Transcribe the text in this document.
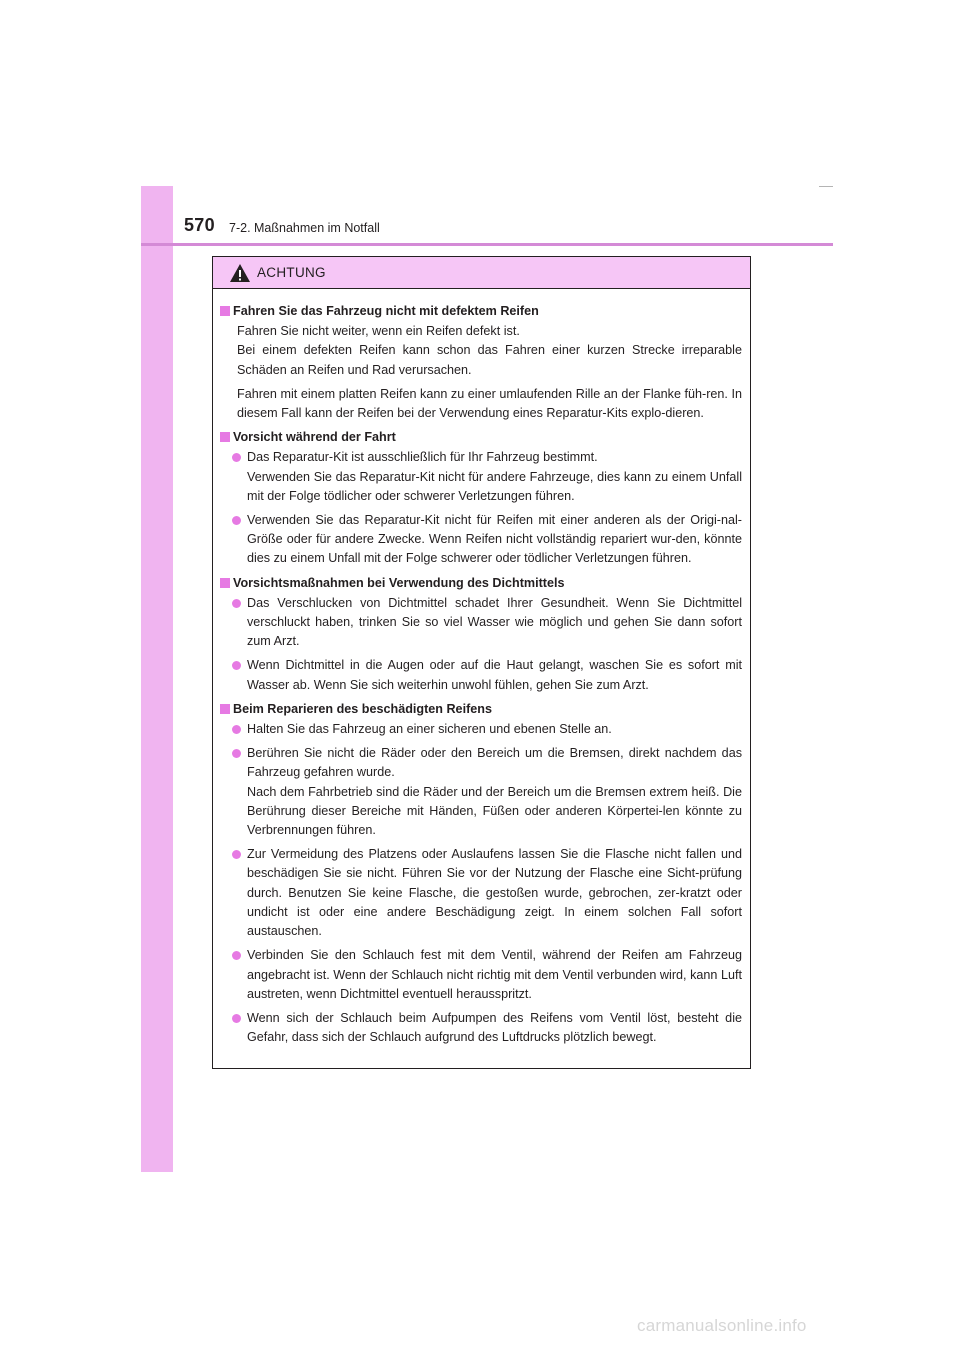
570 7-2. Maßnahmen im Notfall
ACHTUNG
Fahren Sie das Fahrzeug nicht mit defektem Reifen
Fahren Sie nicht weiter, wenn ein Reifen defekt ist.
Bei einem defekten Reifen kann schon das Fahren einer kurzen Strecke irreparable Schäden an Reifen und Rad verursachen.
Fahren mit einem platten Reifen kann zu einer umlaufenden Rille an der Flanke füh-ren. In diesem Fall kann der Reifen bei der Verwendung eines Reparatur-Kits explo-dieren.
Vorsicht während der Fahrt
Das Reparatur-Kit ist ausschließlich für Ihr Fahrzeug bestimmt.
Verwenden Sie das Reparatur-Kit nicht für andere Fahrzeuge, dies kann zu einem Unfall mit der Folge tödlicher oder schwerer Verletzungen führen.
Verwenden Sie das Reparatur-Kit nicht für Reifen mit einer anderen als der Origi-nal-Größe oder für andere Zwecke. Wenn Reifen nicht vollständig repariert wur-den, könnte dies zu einem Unfall mit der Folge schwerer oder tödlicher Verletzungen führen.
Vorsichtsmaßnahmen bei Verwendung des Dichtmittels
Das Verschlucken von Dichtmittel schadet Ihrer Gesundheit. Wenn Sie Dichtmittel verschluckt haben, trinken Sie so viel Wasser wie möglich und gehen Sie dann sofort zum Arzt.
Wenn Dichtmittel in die Augen oder auf die Haut gelangt, waschen Sie es sofort mit Wasser ab. Wenn Sie sich weiterhin unwohl fühlen, gehen Sie zum Arzt.
Beim Reparieren des beschädigten Reifens
Halten Sie das Fahrzeug an einer sicheren und ebenen Stelle an.
Berühren Sie nicht die Räder oder den Bereich um die Bremsen, direkt nachdem das Fahrzeug gefahren wurde.
Nach dem Fahrbetrieb sind die Räder und der Bereich um die Bremsen extrem heiß. Die Berührung dieser Bereiche mit Händen, Füßen oder anderen Körpertei-len könnte zu Verbrennungen führen.
Zur Vermeidung des Platzens oder Auslaufens lassen Sie die Flasche nicht fallen und beschädigen Sie sie nicht. Führen Sie vor der Nutzung der Flasche eine Sicht-prüfung durch. Benutzen Sie keine Flasche, die gestoßen wurde, gebrochen, zer-kratzt oder undicht ist oder eine andere Beschädigung zeigt. In einem solchen Fall sofort austauschen.
Verbinden Sie den Schlauch fest mit dem Ventil, während der Reifen am Fahrzeug angebracht ist. Wenn der Schlauch nicht richtig mit dem Ventil verbunden wird, kann Luft austreten, wenn Dichtmittel eventuell herausspritzt.
Wenn sich der Schlauch beim Aufpumpen des Reifens vom Ventil löst, besteht die Gefahr, dass sich der Schlauch aufgrund des Luftdrucks plötzlich bewegt.
carmanualsonline.info
